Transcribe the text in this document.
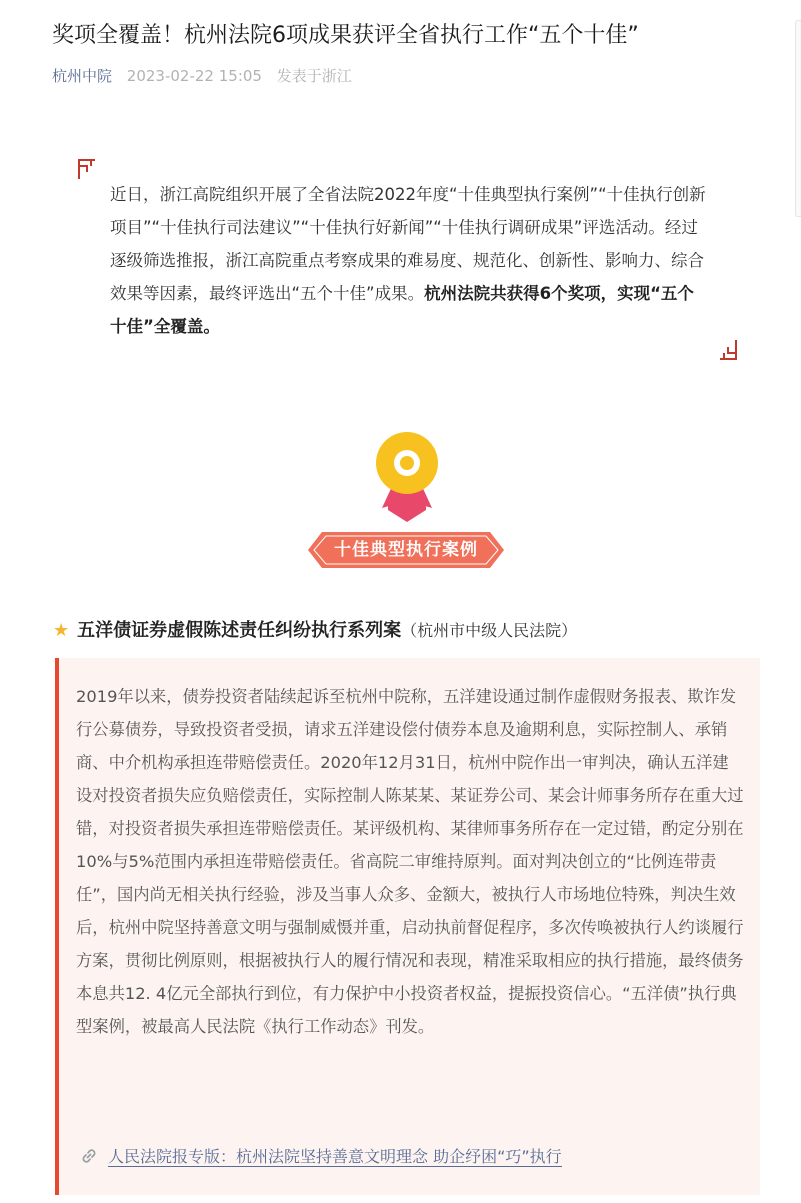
奖项全覆盖！杭州法院6项成果获评全省执行工作“五个十佳”
杭州中院 2023-02-22 15:05 发表于浙江
近日，浙江高院组织开展了全省法院2022年度“十佳典型执行案例”“十佳执行创新项目”“十佳执行司法建议”“十佳执行好新闻”“十佳执行调研成果”评选活动。经过逐级筛选推报，浙江高院重点考察成果的难易度、规范化、创新性、影响力、综合效果等因素，最终评选出“五个十佳”成果。杭州法院共获得6个奖项，实现“五个十佳”全覆盖。
十佳典型执行案例
★ 五洋债证券虚假陈述责任纠纷执行系列案（杭州市中级人民法院）
2019年以来，债券投资者陆续起诉至杭州中院称，五洋建设通过制作虚假财务报表、欺诈发行公募债券，导致投资者受损，请求五洋建设偿付债券本息及逾期利息，实际控制人、承销商、中介机构承担连带赔偿责任。2020年12月31日，杭州中院作出一审判决，确认五洋建设对投资者损失应负赔偿责任，实际控制人陈某某、某证券公司、某会计师事务所存在重大过错，对投资者损失承担连带赔偿责任。某评级机构、某律师事务所存在一定过错，酌定分别在10%与5%范围内承担连带赔偿责任。省高院二审维持原判。面对判决创立的“比例连带责任”，国内尚无相关执行经验，涉及当事人众多、金额大，被执行人市场地位特殊，判决生效后，杭州中院坚持善意文明与强制威慑并重，启动执前督促程序，多次传唤被执行人约谈履行方案，贯彻比例原则，根据被执行人的履行情况和表现，精准采取相应的执行措施，最终债务本息共12. 4亿元全部执行到位，有力保护中小投资者权益，提振投资信心。“五洋债”执行典型案例，被最高人民法院《执行工作动态》刊发。
人民法院报专版：杭州法院坚持善意文明理念 助企纾困“巧”执行
